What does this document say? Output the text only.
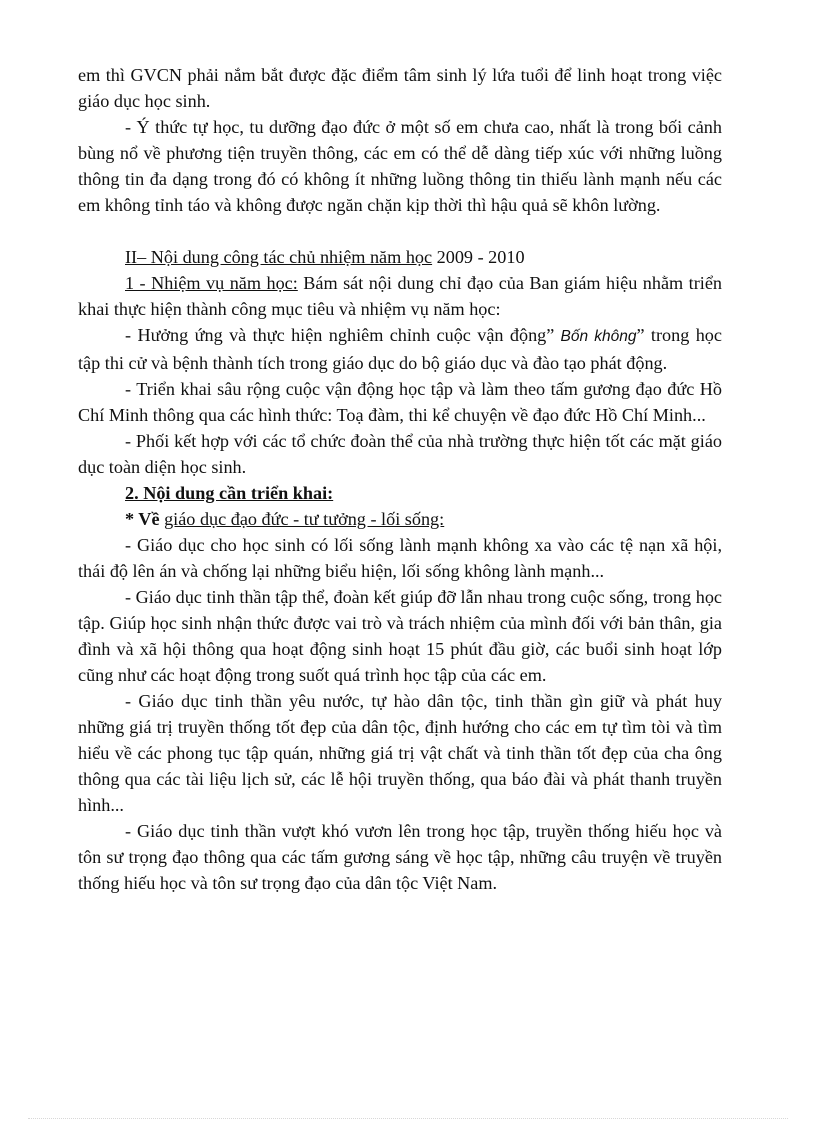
em thì GVCN phải nắm bắt được đặc điểm tâm sinh lý lứa tuổi để linh hoạt trong việc giáo dục học sinh.

- Ý thức tự học, tu dưỡng đạo đức ở một số em chưa cao, nhất là trong bối cảnh bùng nổ về phương tiện truyền thông, các em có thể dễ dàng tiếp xúc với những luồng thông tin đa dạng trong đó có không ít những luồng thông tin thiếu lành mạnh nếu các em không tỉnh táo và không được ngăn chặn kịp thời thì hậu quả sẽ khôn lường.

II– Nội dung công tác chủ nhiệm năm học 2009 - 2010

1 - Nhiệm vụ năm học: Bám sát nội dung chỉ đạo của Ban giám hiệu nhằm triển khai thực hiện thành công mục tiêu và nhiệm vụ năm học:

- Hưởng ứng và thực hiện nghiêm chỉnh cuộc vận động” Bốn không” trong học tập thi cử và bệnh thành tích trong giáo dục do bộ giáo dục và đào tạo phát động.

- Triển khai sâu rộng cuộc vận động học tập và làm theo tấm gương đạo đức Hồ Chí Minh thông qua các hình thức: Toạ đàm, thi kể chuyện về đạo đức Hồ Chí Minh...

- Phối kết hợp với các tổ chức đoàn thể của nhà trường thực hiện tốt các mặt giáo dục toàn diện học sinh.

2. Nội dung cần triển khai:

* Về giáo dục đạo đức - tư tưởng - lối sống:

- Giáo dục cho học sinh có lối sống lành mạnh không xa vào các tệ nạn xã hội, thái độ lên án và chống lại những biểu hiện, lối sống không lành mạnh...

- Giáo dục tinh thần tập thể, đoàn kết giúp đỡ lẫn nhau trong cuộc sống, trong học tập. Giúp học sinh nhận thức được vai trò và trách nhiệm của mình đối với bản thân, gia đình và xã hội thông qua hoạt động sinh hoạt 15 phút đầu giờ, các buổi sinh hoạt lớp cũng như các hoạt động trong suốt quá trình học tập của các em.

- Giáo dục tinh thần yêu nước, tự hào dân tộc, tinh thần gìn giữ và phát huy những giá trị truyền thống tốt đẹp của dân tộc, định hướng cho các em tự tìm tòi và tìm hiểu về các phong tục tập quán, những giá trị vật chất và tinh thần tốt đẹp của cha ông thông qua các tài liệu lịch sử, các lễ hội truyền thống, qua báo đài và phát thanh truyền hình...

- Giáo dục tinh thần vượt khó vươn lên trong học tập, truyền thống hiếu học và tôn sư trọng đạo thông qua các tấm gương sáng về học tập, những câu truyện về truyền thống hiếu học và tôn sư trọng đạo của dân tộc Việt Nam.
